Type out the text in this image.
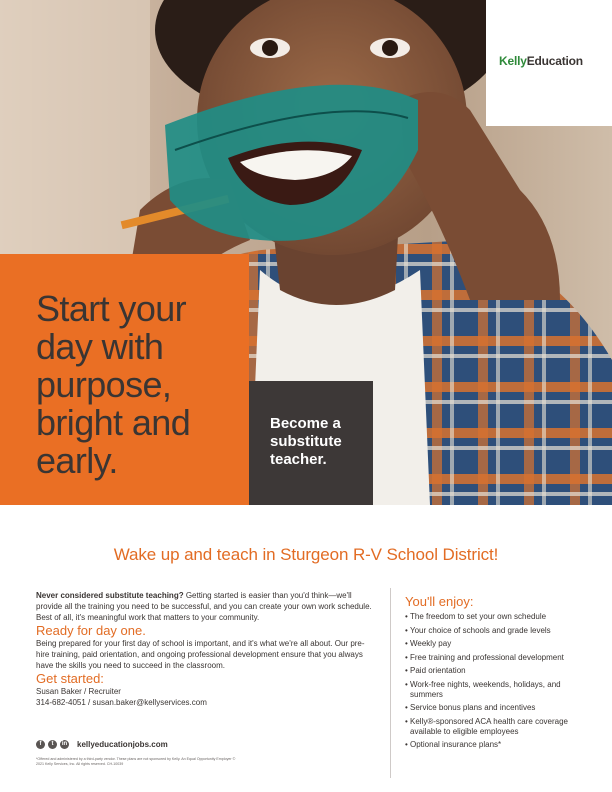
KellyEducation
Start your day with purpose, bright and early.

Become a substitute teacher.

Wake up and teach in Sturgeon R-V School District!

Never considered substitute teaching? Getting started is easier than you'd think—we'll provide all the training you need to be successful, and you can create your own work schedule. Best of all, it's meaningful work that matters to your community.

Ready for day one.

Being prepared for your first day of school is important, and it's what we're all about. Our pre-hire training, paid orientation, and ongoing professional development ensure that you always have the skills you need to succeed in the classroom.

Get started:

Susan Baker / Recruiter

314-682-4051 / susan.baker@kellyservices.com

f	t	in kellyeducationjobs.com

*Offered and administered by a third-party vendor. These plans are not sponsored by Kelly. An Equal Opportunity Employer © 2021 Kelly Services, Inc. All rights reserved. CH-10039

You'll enjoy:

• The freedom to set your own schedule
• Your choice of schools and grade levels
• Weekly pay
• Free training and professional development
• Paid orientation
• Work-free nights, weekends, holidays, and summers
• Service bonus plans and incentives
• Kelly®-sponsored ACA health care coverage available to eligible employees
• Optional insurance plans*
